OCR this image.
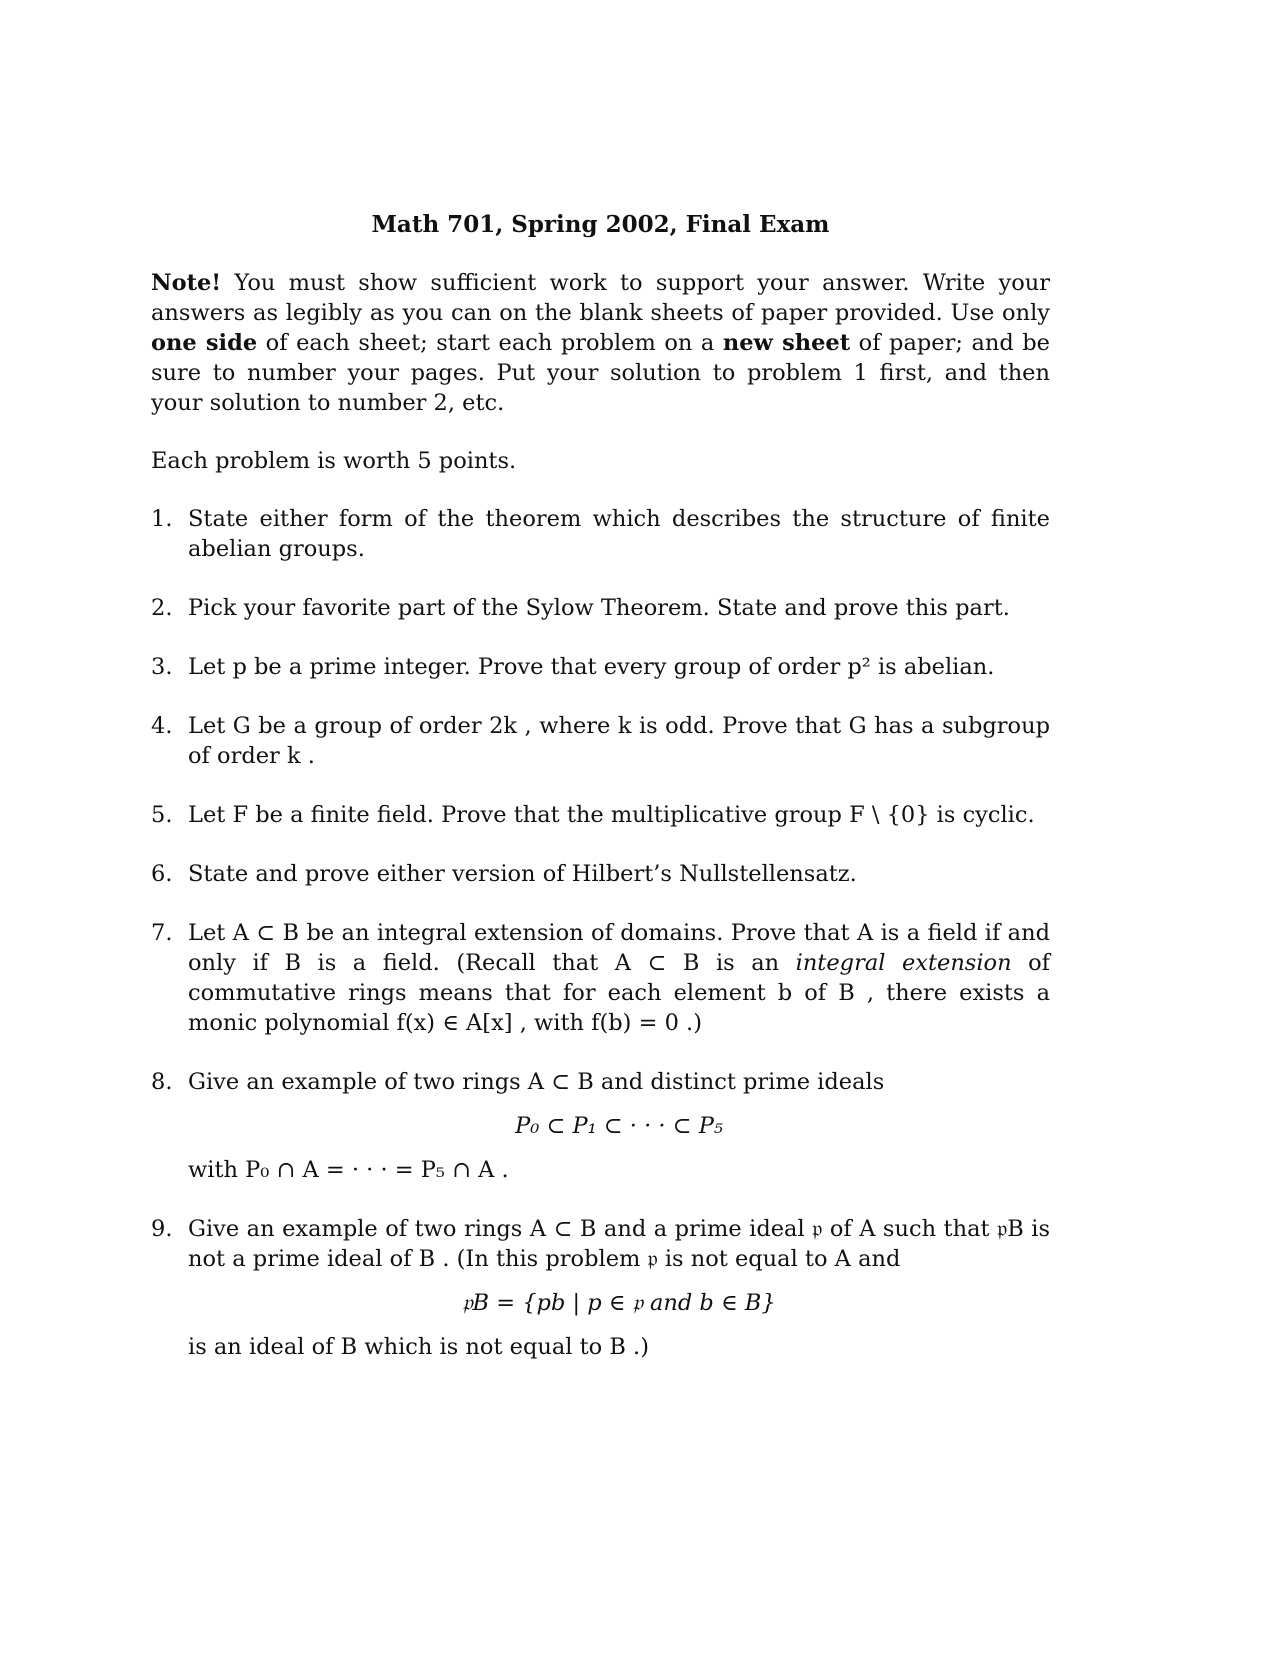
Math 701, Spring 2002, Final Exam
Note! You must show sufficient work to support your answer. Write your answers as legibly as you can on the blank sheets of paper provided. Use only one side of each sheet; start each problem on a new sheet of paper; and be sure to number your pages. Put your solution to problem 1 first, and then your solution to number 2, etc.
Each problem is worth 5 points.
1. State either form of the theorem which describes the structure of finite abelian groups.
2. Pick your favorite part of the Sylow Theorem. State and prove this part.
3. Let p be a prime integer. Prove that every group of order p² is abelian.
4. Let G be a group of order 2k , where k is odd. Prove that G has a subgroup of order k .
5. Let F be a finite field. Prove that the multiplicative group F \ {0} is cyclic.
6. State and prove either version of Hilbert’s Nullstellensatz.
7. Let A ⊂ B be an integral extension of domains. Prove that A is a field if and only if B is a field. (Recall that A ⊂ B is an integral extension of commutative rings means that for each element b of B , there exists a monic polynomial f(x) ∈ A[x] , with f(b) = 0 .)
8. Give an example of two rings A ⊂ B and distinct prime ideals
P₀ ⊂ P₁ ⊂ · · · ⊂ P₅
with P₀ ∩ A = · · · = P₅ ∩ A .
9. Give an example of two rings A ⊂ B and a prime ideal 𝔭 of A such that 𝔭B is not a prime ideal of B . (In this problem 𝔭 is not equal to A and
𝔭B = {pb | p ∈ 𝔭 and b ∈ B}
is an ideal of B which is not equal to B .)
